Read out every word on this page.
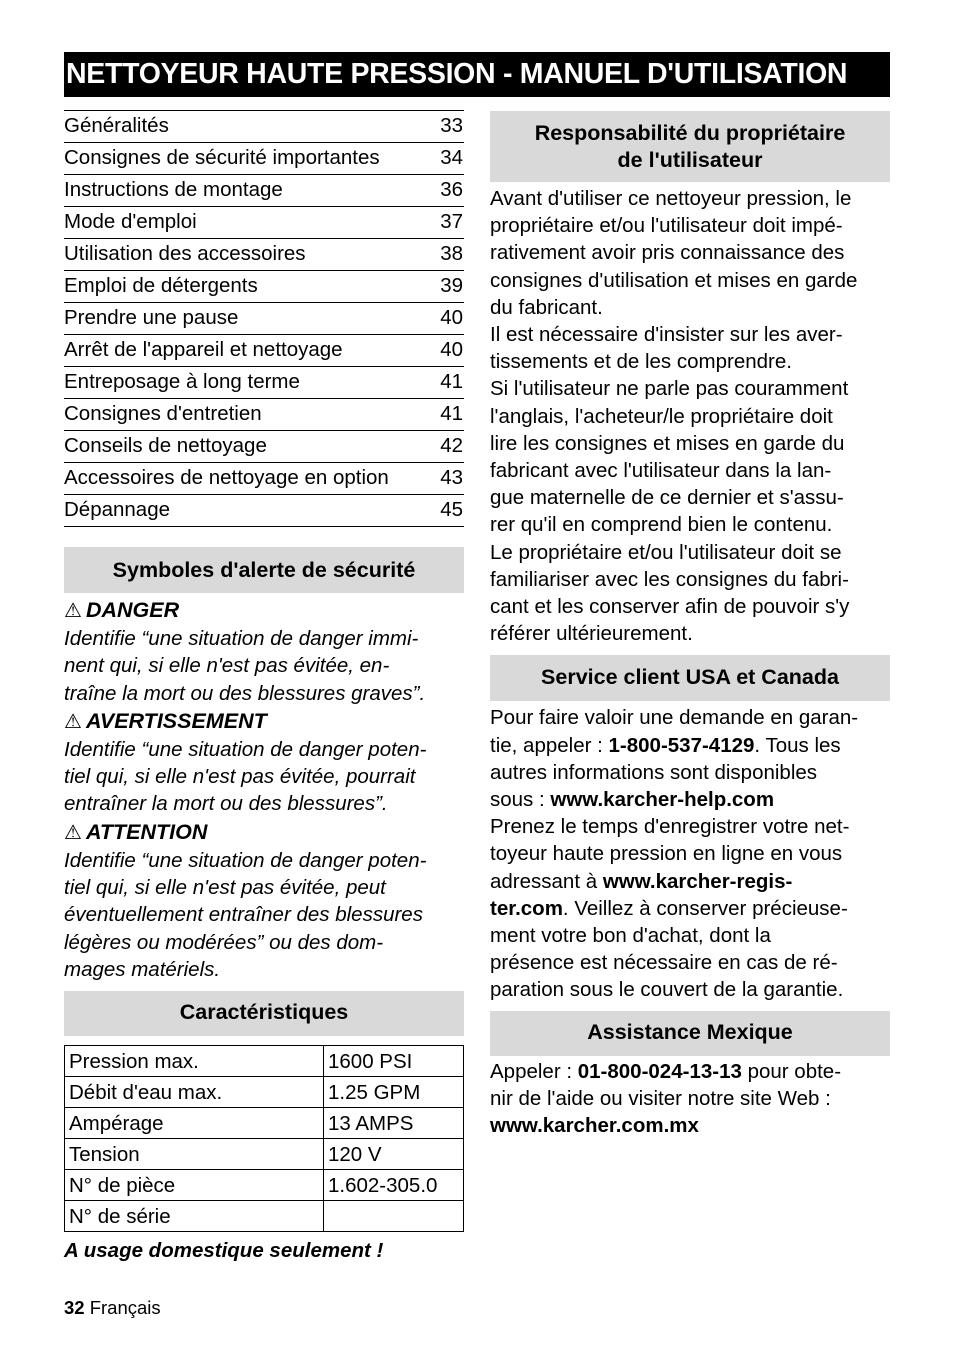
NETTOYEUR HAUTE PRESSION - MANUEL D'UTILISATION
Généralités	33
Consignes de sécurité importantes	34
Instructions de montage	36
Mode d'emploi	37
Utilisation des accessoires	38
Emploi de détergents	39
Prendre une pause	40
Arrêt de l'appareil et nettoyage	40
Entreposage à long terme	41
Consignes d'entretien	41
Conseils de nettoyage	42
Accessoires de nettoyage en option	43
Dépannage	45
Symboles d'alerte de sécurité
⚠ DANGER
Identifie “une situation de danger immi-
nent qui, si elle n'est pas évitée, en-
traîne la mort ou des blessures graves”.
⚠ AVERTISSEMENT
Identifie “une situation de danger poten-
tiel qui, si elle n'est pas évitée, pourrait
entraîner la mort ou des blessures”.
⚠ ATTENTION
Identifie “une situation de danger poten-
tiel qui, si elle n'est pas évitée, peut
éventuellement entraîner des blessures
légères ou modérées” ou des dom-
mages matériels.
Caractéristiques
Pression max.	1600 PSI
Débit d'eau max.	1.25 GPM
Ampérage	13 AMPS
Tension	120 V
N° de pièce	1.602-305.0
N° de série	
A usage domestique seulement !
Responsabilité du propriétaire
de l'utilisateur
Avant d'utiliser ce nettoyeur pression, le
propriétaire et/ou l'utilisateur doit impé-
rativement avoir pris connaissance des
consignes d'utilisation et mises en garde
du fabricant.
Il est nécessaire d'insister sur les aver-
tissements et de les comprendre.
Si l'utilisateur ne parle pas couramment
l'anglais, l'acheteur/le propriétaire doit
lire les consignes et mises en garde du
fabricant avec l'utilisateur dans la lan-
gue maternelle de ce dernier et s'assu-
rer qu'il en comprend bien le contenu.
Le propriétaire et/ou l'utilisateur doit se
familiariser avec les consignes du fabri-
cant et les conserver afin de pouvoir s'y
référer ultérieurement.
Service client USA et Canada
Pour faire valoir une demande en garan-
tie, appeler : 1-800-537-4129. Tous les
autres informations sont disponibles
sous : www.karcher-help.com
Prenez le temps d'enregistrer votre net-
toyeur haute pression en ligne en vous
adressant à www.karcher-regis-
ter.com. Veillez à conserver précieuse-
ment votre bon d'achat, dont la
présence est nécessaire en cas de ré-
paration sous le couvert de la garantie.
Assistance Mexique
Appeler : 01-800-024-13-13 pour obte-
nir de l'aide ou visiter notre site Web :
www.karcher.com.mx
32 Français
